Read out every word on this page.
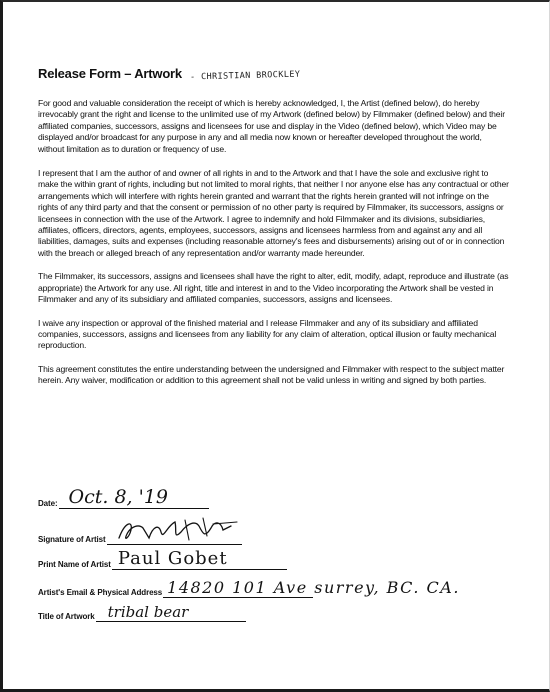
Release Form – Artwork - CHRISTIAN BROCKLEY

For good and valuable consideration the receipt of which is hereby acknowledged, I, the Artist (defined below), do hereby irrevocably grant the right and license to the unlimited use of my Artwork (defined below) by Filmmaker (defined below) and their affiliated companies, successors, assigns and licensees for use and display in the Video (defined below), which Video may be displayed and/or broadcast for any purpose in any and all media now known or hereafter developed throughout the world, without limitation as to duration or frequency of use.

I represent that I am the author of and owner of all rights in and to the Artwork and that I have the sole and exclusive right to make the within grant of rights, including but not limited to moral rights, that neither I nor anyone else has any contractual or other arrangements which will interfere with rights herein granted and warrant that the rights herein granted will not infringe on the rights of any third party and that the consent or permission of no other party is required by Filmmaker, its successors, assigns or licensees in connection with the use of the Artwork. I agree to indemnify and hold Filmmaker and its divisions, subsidiaries, affiliates, officers, directors, agents, employees, successors, assigns and licensees harmless from and against any and all liabilities, damages, suits and expenses (including reasonable attorney's fees and disbursements) arising out of or in connection with the breach or alleged breach of any representation and/or warranty made hereunder.

The Filmmaker, its successors, assigns and licensees shall have the right to alter, edit, modify, adapt, reproduce and illustrate (as appropriate) the Artwork for any use. All right, title and interest in and to the Video incorporating the Artwork shall be vested in Filmmaker and any of its subsidiary and affiliated companies, successors, assigns and licensees.

I waive any inspection or approval of the finished material and I release Filmmaker and any of its subsidiary and affiliated companies, successors, assigns and licensees from any liability for any claim of alteration, optical illusion or faulty mechanical reproduction.

This agreement constitutes the entire understanding between the undersigned and Filmmaker with respect to the subject matter herein. Any waiver, modification or addition to this agreement shall not be valid unless in writing and signed by both parties.

Date: Oct. 8, '19
Signature of Artist
Print Name of Artist Paul Gobet
Artist's Email & Physical Address 14820 101 Ave surrey, BC. CA.
Title of Artwork tribal bear
